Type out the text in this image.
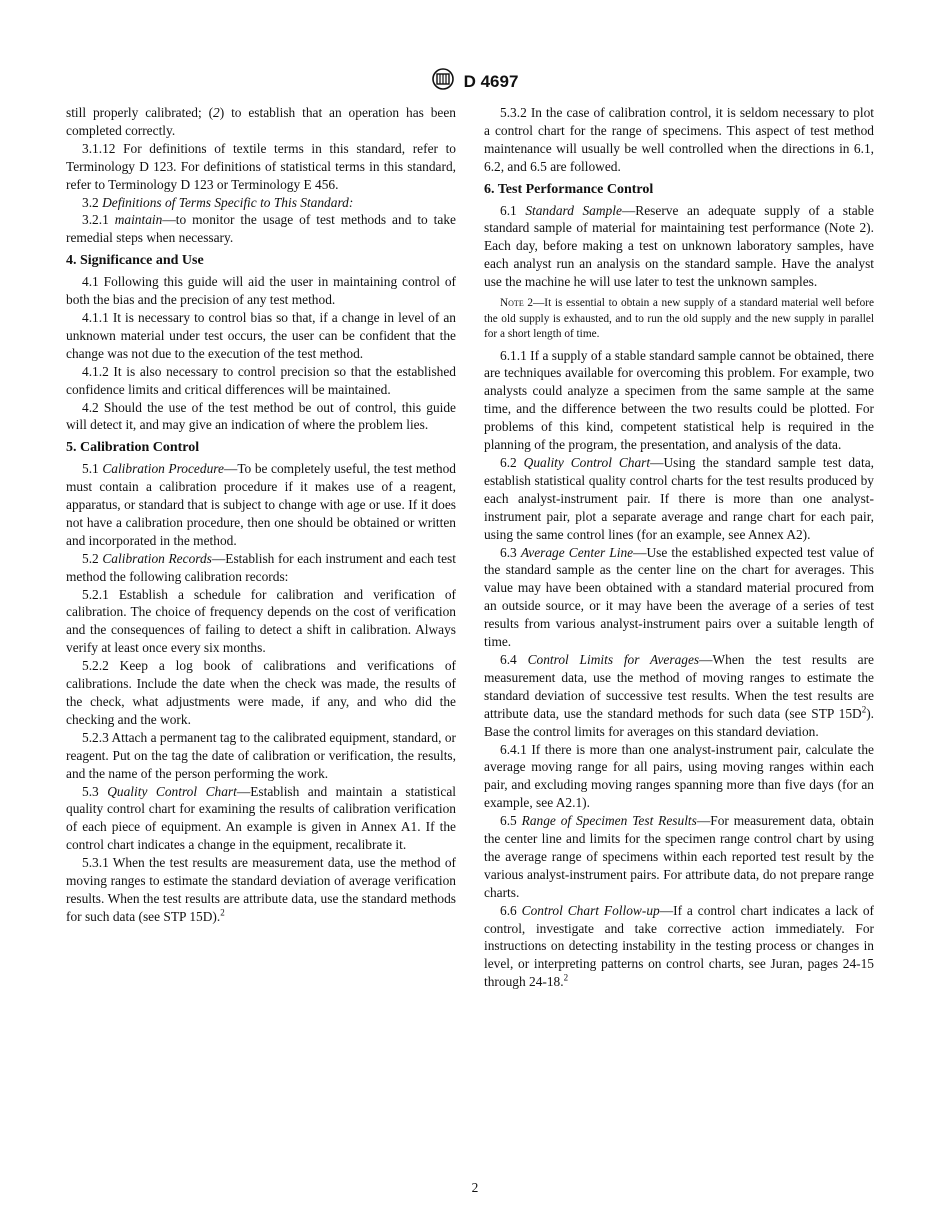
D 4697

still properly calibrated; (2) to establish that an operation has been completed correctly.

3.1.12 For definitions of textile terms in this standard, refer to Terminology D 123. For definitions of statistical terms in this standard, refer to Terminology D 123 or Terminology E 456.

3.2 Definitions of Terms Specific to This Standard:

3.2.1 maintain—to monitor the usage of test methods and to take remedial steps when necessary.

4. Significance and Use

4.1 Following this guide will aid the user in maintaining control of both the bias and the precision of any test method.

4.1.1 It is necessary to control bias so that, if a change in level of an unknown material under test occurs, the user can be confident that the change was not due to the execution of the test method.

4.1.2 It is also necessary to control precision so that the established confidence limits and critical differences will be maintained.

4.2 Should the use of the test method be out of control, this guide will detect it, and may give an indication of where the problem lies.

5. Calibration Control

5.1 Calibration Procedure—To be completely useful, the test method must contain a calibration procedure if it makes use of a reagent, apparatus, or standard that is subject to change with age or use. If it does not have a calibration procedure, then one should be obtained or written and incorporated in the method.

5.2 Calibration Records—Establish for each instrument and each test method the following calibration records:

5.2.1 Establish a schedule for calibration and verification of calibration. The choice of frequency depends on the cost of verification and the consequences of failing to detect a shift in calibration. Always verify at least once every six months.

5.2.2 Keep a log book of calibrations and verifications of calibrations. Include the date when the check was made, the results of the check, what adjustments were made, if any, and who did the checking and the work.

5.2.3 Attach a permanent tag to the calibrated equipment, standard, or reagent. Put on the tag the date of calibration or verification, the results, and the name of the person performing the work.

5.3 Quality Control Chart—Establish and maintain a statistical quality control chart for examining the results of calibration verification of each piece of equipment. An example is given in Annex A1. If the control chart indicates a change in the equipment, recalibrate it.

5.3.1 When the test results are measurement data, use the method of moving ranges to estimate the standard deviation of average verification results. When the test results are attribute data, use the standard methods for such data (see STP 15D).$^2$

5.3.2 In the case of calibration control, it is seldom necessary to plot a control chart for the range of specimens. This aspect of test method maintenance will usually be well controlled when the directions in 6.1, 6.2, and 6.5 are followed.

6. Test Performance Control

6.1 Standard Sample—Reserve an adequate supply of a stable standard sample of material for maintaining test performance (Note 2). Each day, before making a test on unknown laboratory samples, have each analyst run an analysis on the standard sample. Have the analyst use the machine he will use later to test the unknown samples.

Note 2—It is essential to obtain a new supply of a standard material well before the old supply is exhausted, and to run the old supply and the new supply in parallel for a short length of time.

6.1.1 If a supply of a stable standard sample cannot be obtained, there are techniques available for overcoming this problem. For example, two analysts could analyze a specimen from the same sample at the same time, and the difference between the two results could be plotted. For problems of this kind, competent statistical help is required in the planning of the program, the presentation, and analysis of the data.

6.2 Quality Control Chart—Using the standard sample test data, establish statistical quality control charts for the test results produced by each analyst-instrument pair. If there is more than one analyst-instrument pair, plot a separate average and range chart for each pair, using the same control lines (for an example, see Annex A2).

6.3 Average Center Line—Use the established expected test value of the standard sample as the center line on the chart for averages. This value may have been obtained with a standard material procured from an outside source, or it may have been the average of a series of test results from various analyst-instrument pairs over a suitable length of time.

6.4 Control Limits for Averages—When the test results are measurement data, use the method of moving ranges to estimate the standard deviation of successive test results. When the test results are attribute data, use the standard methods for such data (see STP $15D^2$). Base the control limits for averages on this standard deviation.

6.4.1 If there is more than one analyst-instrument pair, calculate the average moving range for all pairs, using moving ranges within each pair, and excluding moving ranges spanning more than five days (for an example, see A2.1).

6.5 Range of Specimen Test Results—For measurement data, obtain the center line and limits for the specimen range control chart by using the average range of specimens within each reported test result by the various analyst-instrument pairs. For attribute data, do not prepare range charts.

6.6 Control Chart Follow-up—If a control chart indicates a lack of control, investigate and take corrective action immediately. For instructions on detecting instability in the testing process or changes in level, or interpreting patterns on control charts, see Juran, pages 24-15 through 24-18.$^2$

2
